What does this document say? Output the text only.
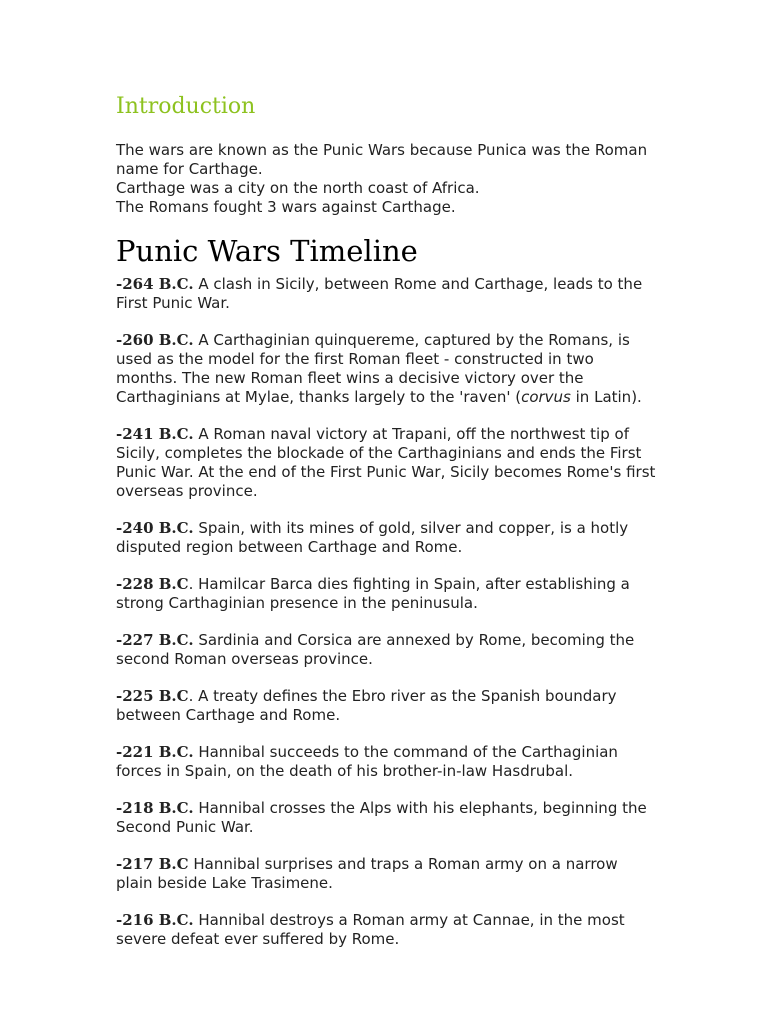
Introduction

The wars are known as the Punic Wars because Punica was the Roman name for Carthage.

Carthage was a city on the north coast of Africa.

The Romans fought 3 wars against Carthage.

Punic Wars Timeline

-264 B.C. A clash in Sicily, between Rome and Carthage, leads to the First Punic War.

-260 B.C. A Carthaginian quinquereme, captured by the Romans, is used as the model for the first Roman fleet - constructed in two months. The new Roman fleet wins a decisive victory over the Carthaginians at Mylae, thanks largely to the 'raven' (corvus in Latin).

-241 B.C. A Roman naval victory at Trapani, off the northwest tip of Sicily, completes the blockade of the Carthaginians and ends the First Punic War. At the end of the First Punic War, Sicily becomes Rome's first overseas province.

-240 B.C. Spain, with its mines of gold, silver and copper, is a hotly disputed region between Carthage and Rome.

-228 B.C. Hamilcar Barca dies fighting in Spain, after establishing a strong Carthaginian presence in the peninusula.

-227 B.C. Sardinia and Corsica are annexed by Rome, becoming the second Roman overseas province.

-225 B.C. A treaty defines the Ebro river as the Spanish boundary between Carthage and Rome.

-221 B.C. Hannibal succeeds to the command of the Carthaginian forces in Spain, on the death of his brother-in-law Hasdrubal.

-218 B.C. Hannibal crosses the Alps with his elephants, beginning the Second Punic War.

-217 B.C Hannibal surprises and traps a Roman army on a narrow plain beside Lake Trasimene.

-216 B.C. Hannibal destroys a Roman army at Cannae, in the most severe defeat ever suffered by Rome.
